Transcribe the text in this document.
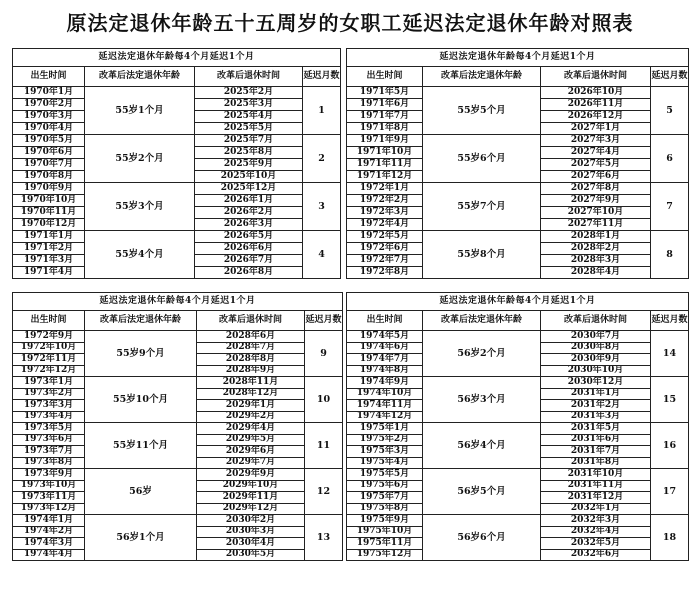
原法定退休年龄五十五周岁的女职工延迟法定退休年龄对照表
延迟法定退休年龄每4个月延迟1个月			
出生时间	改革后法定退休年龄	改革后退休时间	延迟月数
1970年1月	55岁1个月	2025年2月	1
1970年2月		2025年3月	
1970年3月		2025年4月	
1970年4月		2025年5月	
1970年5月	55岁2个月	2025年7月	2
1970年6月		2025年8月	
1970年7月		2025年9月	
1970年8月		2025年10月	
1970年9月	55岁3个月	2025年12月	3
1970年10月		2026年1月	
1970年11月		2026年2月	
1970年12月		2026年3月	
1971年1月	55岁4个月	2026年5月	4
1971年2月		2026年6月	
1971年3月		2026年7月	
1971年4月		2026年8月	
延迟法定退休年龄每4个月延迟1个月			
出生时间	改革后法定退休年龄	改革后退休时间	延迟月数
1971年5月	55岁5个月	2026年10月	5
1971年6月		2026年11月	
1971年7月		2026年12月	
1971年8月		2027年1月	
1971年9月	55岁6个月	2027年3月	6
1971年10月		2027年4月	
1971年11月		2027年5月	
1971年12月		2027年6月	
1972年1月	55岁7个月	2027年8月	7
1972年2月		2027年9月	
1972年3月		2027年10月	
1972年4月		2027年11月	
1972年5月	55岁8个月	2028年1月	8
1972年6月		2028年2月	
1972年7月		2028年3月	
1972年8月		2028年4月	
延迟法定退休年龄每4个月延迟1个月			
出生时间	改革后法定退休年龄	改革后退休时间	延迟月数
1972年9月	55岁9个月	2028年6月	9
1972年10月		2028年7月	
1972年11月		2028年8月	
1972年12月		2028年9月	
1973年1月	55岁10个月	2028年11月	10
1973年2月		2028年12月	
1973年3月		2029年1月	
1973年4月		2029年2月	
1973年5月	55岁11个月	2029年4月	11
1973年6月		2029年5月	
1973年7月		2029年6月	
1973年8月		2029年7月	
1973年9月	56岁	2029年9月	12
1973年10月		2029年10月	
1973年11月		2029年11月	
1973年12月		2029年12月	
1974年1月	56岁1个月	2030年2月	13
1974年2月		2030年3月	
1974年3月		2030年4月	
1974年4月		2030年5月	
延迟法定退休年龄每4个月延迟1个月			
出生时间	改革后法定退休年龄	改革后退休时间	延迟月数
1974年5月	56岁2个月	2030年7月	14
1974年6月		2030年8月	
1974年7月		2030年9月	
1974年8月		2030年10月	
1974年9月	56岁3个月	2030年12月	15
1974年10月		2031年1月	
1974年11月		2031年2月	
1974年12月		2031年3月	
1975年1月	56岁4个月	2031年5月	16
1975年2月		2031年6月	
1975年3月		2031年7月	
1975年4月		2031年8月	
1975年5月	56岁5个月	2031年10月	17
1975年6月		2031年11月	
1975年7月		2031年12月	
1975年8月		2032年1月	
1975年9月	56岁6个月	2032年3月	18
1975年10月		2032年4月	
1975年11月		2032年5月	
1975年12月		2032年6月	
